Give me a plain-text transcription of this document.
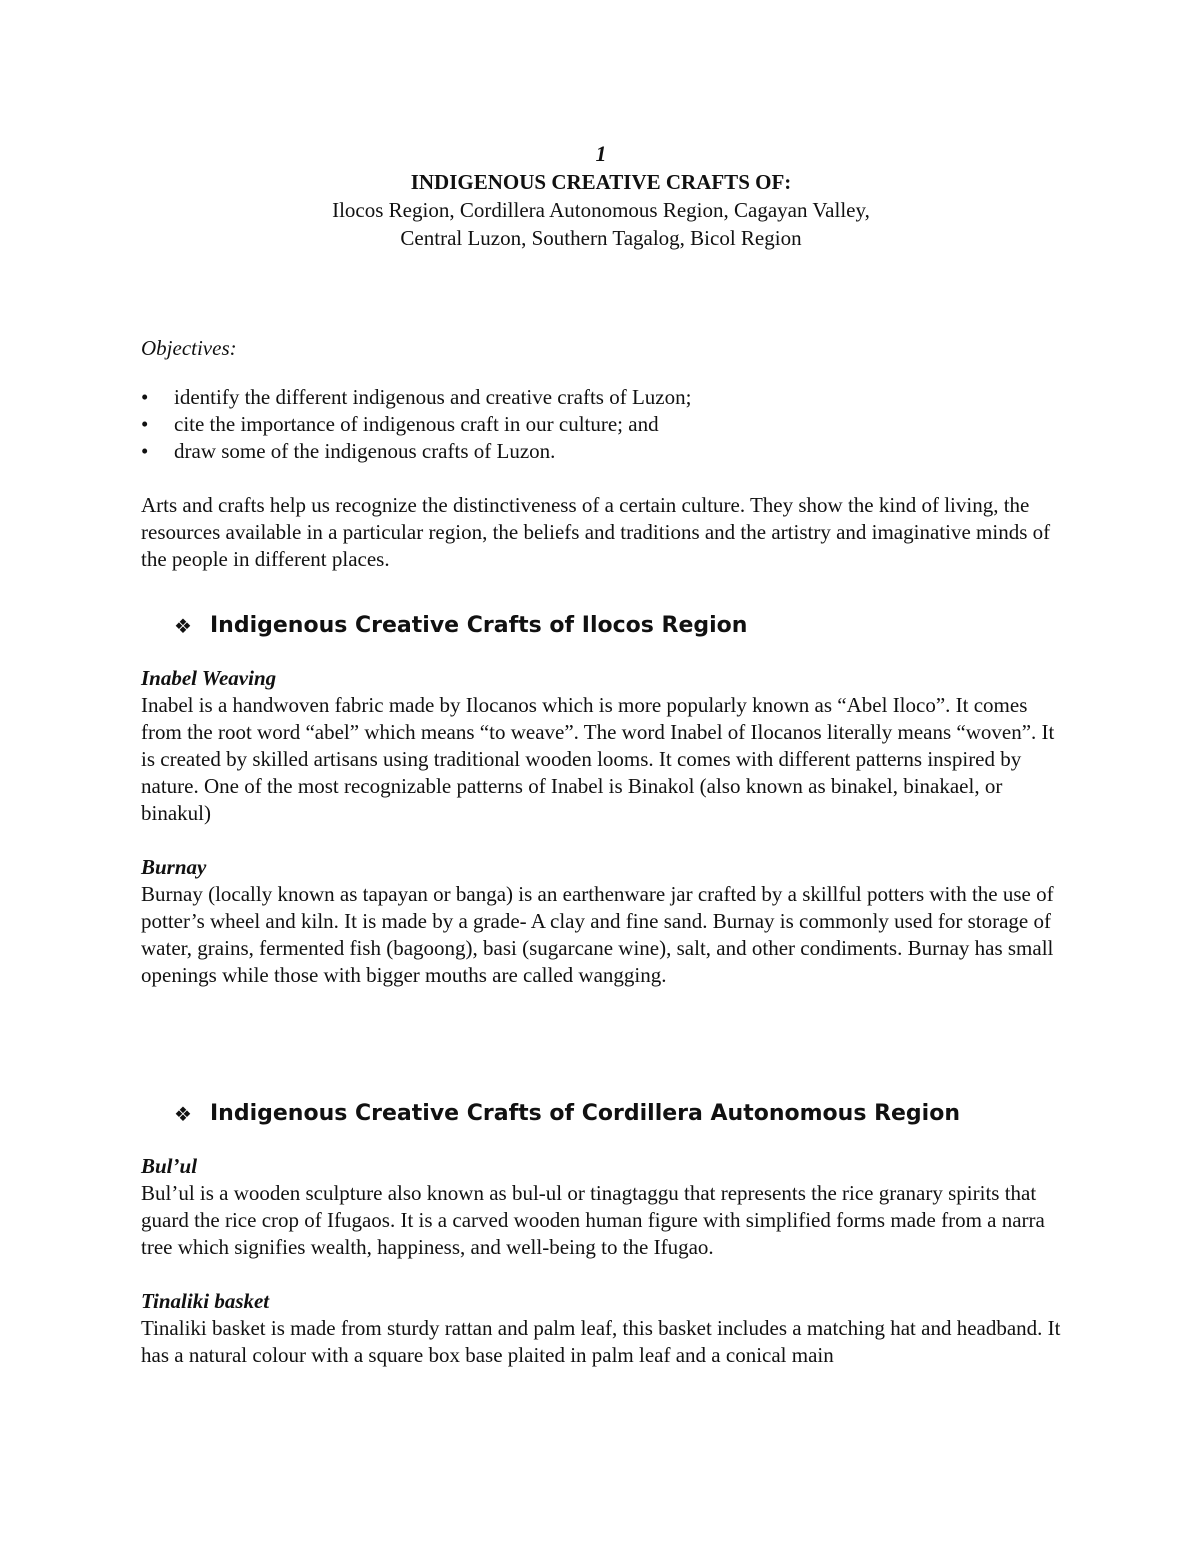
1
INDIGENOUS CREATIVE CRAFTS OF:
Ilocos Region, Cordillera Autonomous Region, Cagayan Valley,
Central Luzon, Southern Tagalog, Bicol Region
Objectives:
• identify the different indigenous and creative crafts of Luzon;
• cite the importance of indigenous craft in our culture; and
• draw some of the indigenous crafts of Luzon.

Arts and crafts help us recognize the distinctiveness of a certain culture. They show the kind of living, the resources available in a particular region, the beliefs and traditions and the artistry and imaginative minds of the people in different places.

❖ Indigenous Creative Crafts of Ilocos Region
Inabel Weaving

Inabel is a handwoven fabric made by Ilocanos which is more popularly known as “Abel Iloco”. It comes from the root word “abel” which means “to weave”. The word Inabel of Ilocanos literally means “woven”. It is created by skilled artisans using traditional wooden looms. It comes with different patterns inspired by nature. One of the most recognizable patterns of Inabel is Binakol (also known as binakel, binakael, or binakul)

Burnay

Burnay (locally known as tapayan or banga) is an earthenware jar crafted by a skillful potters with the use of potter’s wheel and kiln. It is made by a grade- A clay and fine sand. Burnay is commonly used for storage of water, grains, fermented fish (bagoong), basi (sugarcane wine), salt, and other condiments. Burnay has small openings while those with bigger mouths are called wangging.

❖ Indigenous Creative Crafts of Cordillera Autonomous Region
Bul’ul

Bul’ul is a wooden sculpture also known as bul-ul or tinagtaggu that represents the rice granary spirits that guard the rice crop of Ifugaos. It is a carved wooden human figure with simplified forms made from a narra tree which signifies wealth, happiness, and well-being to the Ifugao.

Tinaliki basket

Tinaliki basket is made from sturdy rattan and palm leaf, this basket includes a matching hat and headband. It has a natural colour with a square box base plaited in palm leaf and a conical main
